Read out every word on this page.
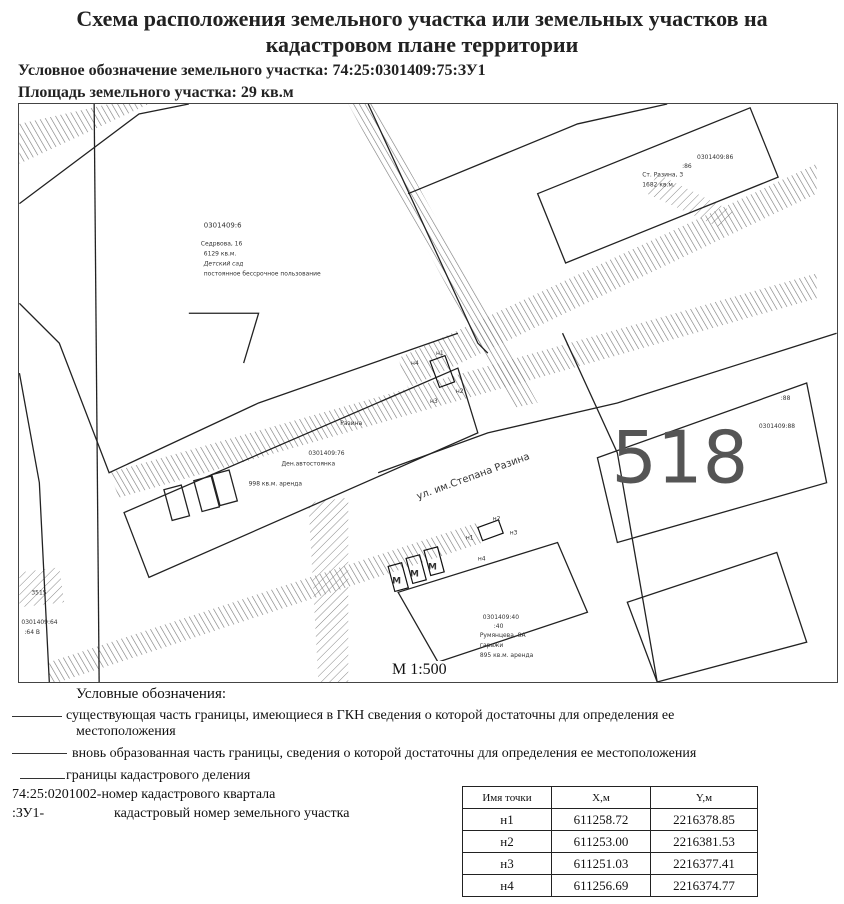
Схема расположения земельного участка или земельных участков на
кадастровом плане территории
Условное обозначение земельного участка: 74:25:0301409:75:ЗУ1
Площадь земельного участка: 29 кв.м
0301409:6
Седрвова, 16
6129 кв.м.
Детский сад
постоянное бессрочное пользование
0301409:86
:86
Ст. Разина, 3
1682 кв.м.
0301409:76
Ден.автостоянка
998 кв.м. аренда
Разина
0301409:40
:40
Румянцева, 8А
гаражи
895 кв.м. аренда
0301409:64
:64 В
3515
0301409:88
:88
518
ул. им.Степана Разина
н4
н2
н3
н1
н1
н2
н3
н4
М
М
М
М 1:500
Условные обозначения:
существующая часть границы, имеющиеся в ГКН сведения о которой достаточны для определения ее
местоположения
вновь образованная часть границы, сведения о которой достаточны для определения ее местоположения
границы кадастрового деления
74:25:0201002-номер кадастрового квартала
:ЗУ1-	кадастровый номер земельного участка
Имя точки	X,м	Y,м
н1	611258.72	2216378.85
н2	611253.00	2216381.53
н3	611251.03	2216377.41
н4	611256.69	2216374.77
